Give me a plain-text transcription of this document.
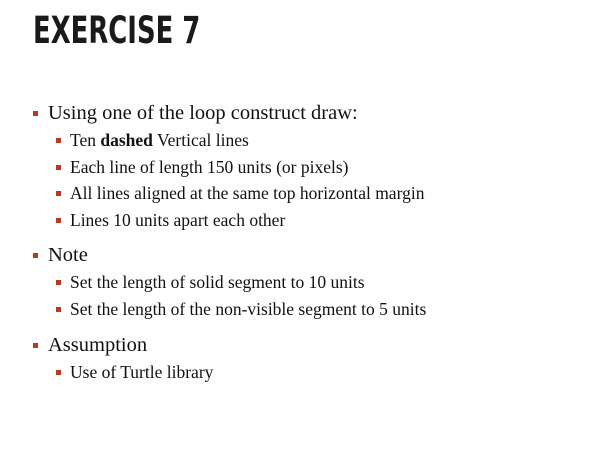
EXERCISE 7
Using one of the loop construct draw:
Ten dashed Vertical lines
Each line of length 150 units (or pixels)
All lines aligned at the same top horizontal margin
Lines 10 units apart each other
Note
Set the length of solid segment to 10 units
Set the length of the non-visible segment to 5 units
Assumption
Use of Turtle library
